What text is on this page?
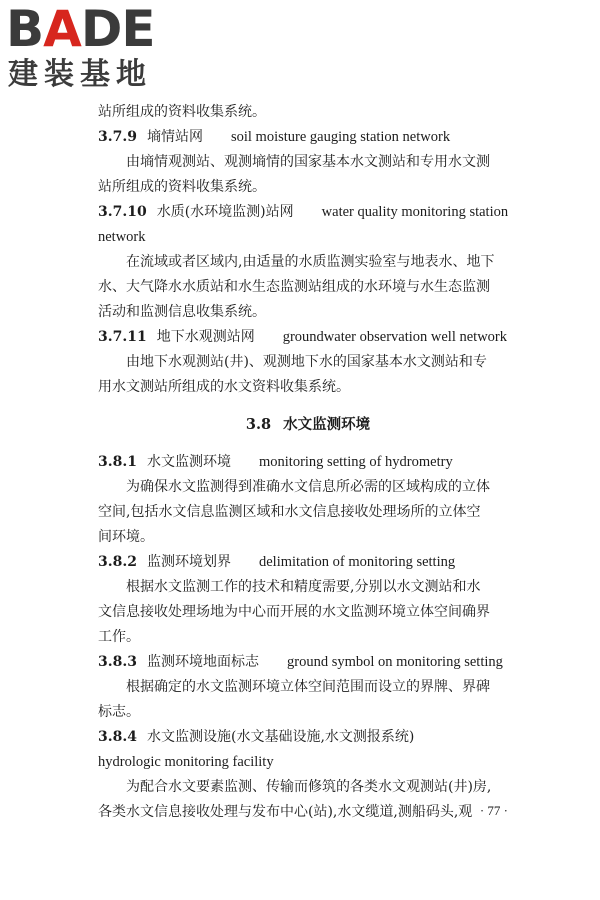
BADE
建装基地
站所组成的资料收集系统。
3.7.9 墒情站网 soil moisture gauging station network
由墒情观测站、观测墒情的国家基本水文测站和专用水文测
站所组成的资料收集系统。
3.7.10 水质(水环境监测)站网 water quality monitoring station
network
在流域或者区域内,由适量的水质监测实验室与地表水、地下
水、大气降水水质站和水生态监测站组成的水环境与水生态监测
活动和监测信息收集系统。
3.7.11 地下水观测站网 groundwater observation well network
由地下水观测站(井)、观测地下水的国家基本水文测站和专
用水文测站所组成的水文资料收集系统。
3.8 水文监测环境
3.8.1 水文监测环境 monitoring setting of hydrometry
为确保水文监测得到准确水文信息所必需的区域构成的立体
空间,包括水文信息监测区域和水文信息接收处理场所的立体空
间环境。
3.8.2 监测环境划界 delimitation of monitoring setting
根据水文监测工作的技术和精度需要,分别以水文测站和水
文信息接收处理场地为中心而开展的水文监测环境立体空间确界
工作。
3.8.3 监测环境地面标志 ground symbol on monitoring setting
根据确定的水文监测环境立体空间范围而设立的界牌、界碑
标志。
3.8.4 水文监测设施(水文基础设施,水文测报系统)
hydrologic monitoring facility
为配合水文要素监测、传输而修筑的各类水文观测站(井)房,
各类水文信息接收处理与发布中心(站),水文缆道,测船码头,观 · 77 ·
